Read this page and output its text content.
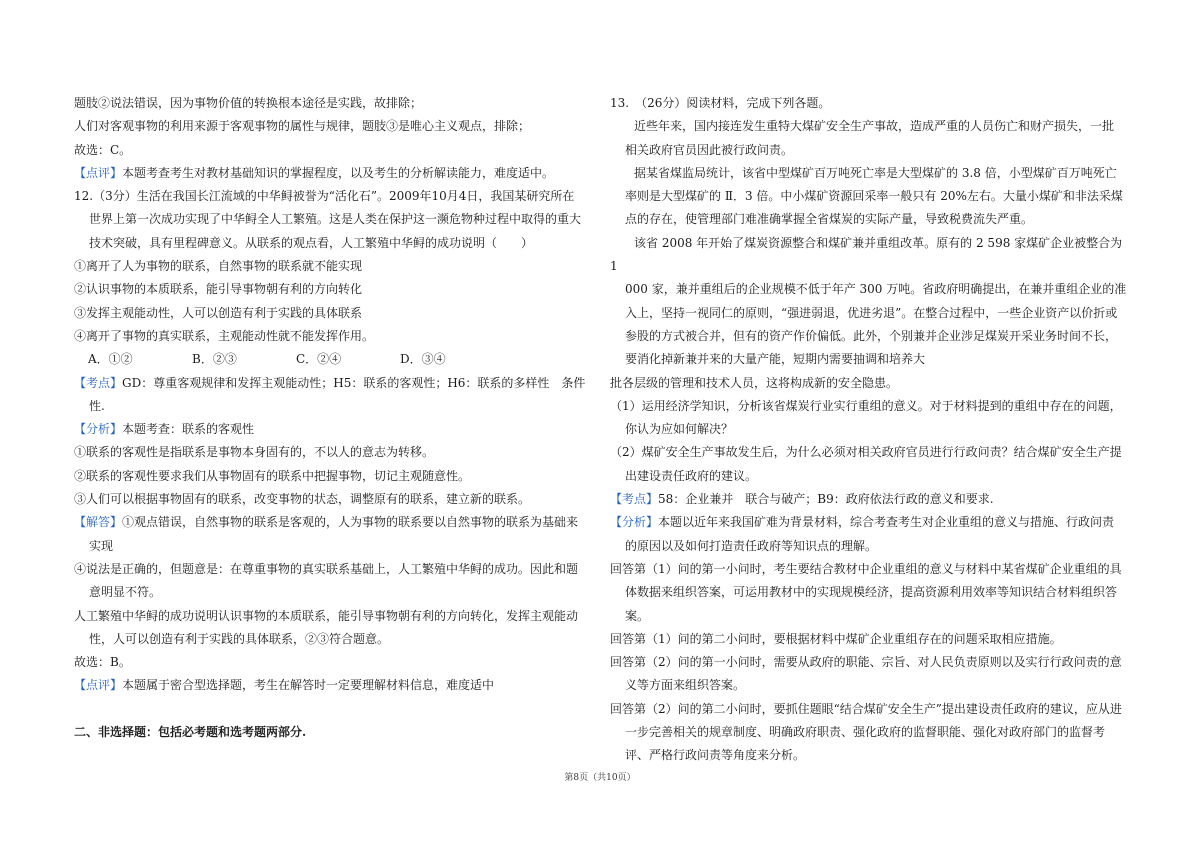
题肢②说法错误，因为事物价值的转换根本途径是实践，故排除；
人们对客观事物的利用来源于客观事物的属性与规律，题肢③是唯心主义观点，排除；
故选：C。
【点评】本题考查考生对教材基础知识的掌握程度，以及考生的分析解读能力，难度适中。
12.（3分）生活在我国长江流域的中华鲟被誉为“活化石”。2009年10月4日，我国某研究所在
世界上第一次成功实现了中华鲟全人工繁殖。这是人类在保护这一濒危物种过程中取得的重大
技术突破，具有里程碑意义。从联系的观点看，人工繁殖中华鲟的成功说明（　　）
①离开了人为事物的联系，自然事物的联系就不能实现
②认识事物的本质联系，能引导事物朝有利的方向转化
③发挥主观能动性，人可以创造有利于实践的具体联系
④离开了事物的真实联系，主观能动性就不能发挥作用。
A．①②	B．②③	C．②④	D．③④
【考点】GD：尊重客观规律和发挥主观能动性；H5：联系的客观性；H6：联系的多样性　条件
性.
【分析】本题考查：联系的客观性
①联系的客观性是指联系是事物本身固有的，不以人的意志为转移。
②联系的客观性要求我们从事物固有的联系中把握事物，切记主观随意性。
③人们可以根据事物固有的联系，改变事物的状态，调整原有的联系，建立新的联系。
【解答】①观点错误，自然事物的联系是客观的，人为事物的联系要以自然事物的联系为基础来
实现
④说法是正确的，但题意是：在尊重事物的真实联系基础上，人工繁殖中华鲟的成功。因此和题
意明显不符。
人工繁殖中华鲟的成功说明认识事物的本质联系，能引导事物朝有利的方向转化，发挥主观能动
性，人可以创造有利于实践的具体联系，②③符合题意。
故选：B。
【点评】本题属于密合型选择题，考生在解答时一定要理解材料信息，难度适中
二、非选择题：包括必考题和选考题两部分.
13.　（26分）阅读材料，完成下列各题。
近些年来，国内接连发生重特大煤矿安全生产事故，造成严重的人员伤亡和财产损失，一批
相关政府官员因此被行政问责。
据某省煤监局统计，该省中型煤矿百万吨死亡率是大型煤矿的 3.8 倍，小型煤矿百万吨死亡
率则是大型煤矿的 Ⅱ．3 倍。中小煤矿资源回采率一般只有 20%左右。大量小煤矿和非法采煤
点的存在，使管理部门难准确掌握全省煤炭的实际产量，导致税费流失严重。
该省 2008 年开始了煤炭资源整合和煤矿兼并重组改革。原有的 2 598 家煤矿企业被整合为 1
000 家，兼并重组后的企业规模不低于年产 300 万吨。省政府明确提出，在兼并重组企业的准
入上，坚持一视同仁的原则，“强进弱退，优进劣退”。在整合过程中，一些企业资产以价折或
参股的方式被合并，但有的资产作价偏低。此外，个别兼并企业涉足煤炭开采业务时间不长，
要消化掉新兼并来的大量产能，短期内需要抽调和培养大
批各层级的管理和技术人员，这将构成新的安全隐患。
（1）运用经济学知识，分析该省煤炭行业实行重组的意义。对于材料提到的重组中存在的问题，
你认为应如何解决？
（2）煤矿安全生产事故发生后，为什么必须对相关政府官员进行行政问责？结合煤矿安全生产提
出建设责任政府的建议。
【考点】58：企业兼并　联合与破产；B9：政府依法行政的意义和要求.
【分析】本题以近年来我国矿难为背景材料，综合考查考生对企业重组的意义与措施、行政问责
的原因以及如何打造责任政府等知识点的理解。
回答第（1）问的第一小问时，考生要结合教材中企业重组的意义与材料中某省煤矿企业重组的具
体数据来组织答案，可运用教材中的实现规模经济，提高资源利用效率等知识结合材料组织答
案。
回答第（1）问的第二小问时，要根据材料中煤矿企业重组存在的问题采取相应措施。
回答第（2）问的第一小问时，需要从政府的职能、宗旨、对人民负责原则以及实行行政问责的意
义等方面来组织答案。
回答第（2）问的第二小问时，要抓住题眼“结合煤矿安全生产”提出建设责任政府的建议，应从进
一步完善相关的规章制度、明确政府职责、强化政府的监督职能、强化对政府部门的监督考
评、严格行政问责等角度来分析。
第8页（共10页）
